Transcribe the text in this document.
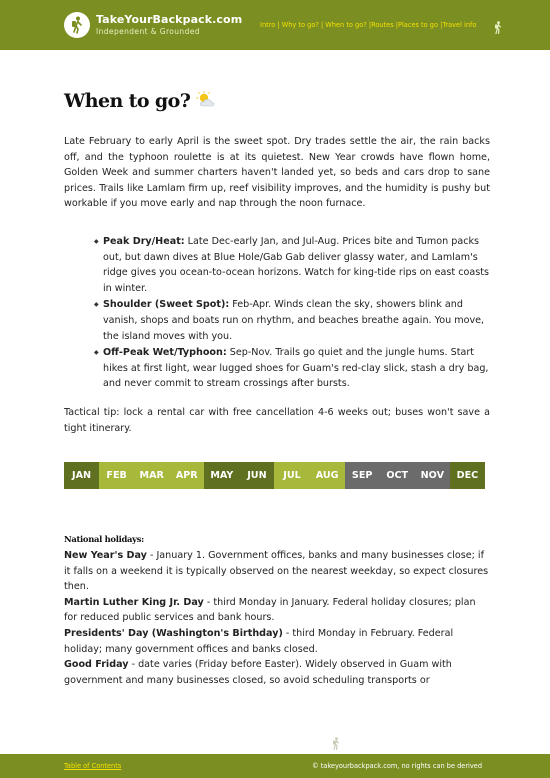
TakeYourBackpack.com
Independent & Grounded
Intro | Why to go? | When to go? |Routes |Places to go |Travel info
When to go?

Late February to early April is the sweet spot. Dry trades settle the air, the rain backs off, and the typhoon roulette is at its quietest. New Year crowds have flown home, Golden Week and summer charters haven't landed yet, so beds and cars drop to sane prices. Trails like Lamlam firm up, reef visibility improves, and the humidity is pushy but workable if you move early and nap through the noon furnace.

◆ Peak Dry/Heat: Late Dec-early Jan, and Jul-Aug. Prices bite and Tumon packs out, but dawn dives at Blue Hole/Gab Gab deliver glassy water, and Lamlam's ridge gives you ocean-to-ocean horizons. Watch for king-tide rips on east coasts in winter.
◆ Shoulder (Sweet Spot): Feb-Apr. Winds clean the sky, showers blink and vanish, shops and boats run on rhythm, and beaches breathe again. You move, the island moves with you.
◆ Off-Peak Wet/Typhoon: Sep-Nov. Trails go quiet and the jungle hums. Start hikes at first light, wear lugged shoes for Guam's red-clay slick, stash a dry bag, and never commit to stream crossings after bursts.

Tactical tip: lock a rental car with free cancellation 4-6 weeks out; buses won't save a tight itinerary.

JAN	FEB	MAR	APR	MAY	JUN	JUL	AUG	SEP	OCT	NOV	DEC
National holidays:

New Year's Day - January 1. Government offices, banks and many businesses close; if it falls on a weekend it is typically observed on the nearest weekday, so expect closures then.

Martin Luther King Jr. Day - third Monday in January. Federal holiday closures; plan for reduced public services and bank hours.

Presidents' Day (Washington's Birthday) - third Monday in February. Federal holiday; many government offices and banks closed.

Good Friday - date varies (Friday before Easter). Widely observed in Guam with government and many businesses closed, so avoid scheduling transports or

Table of Contents	© takeyourbackpack.com, no rights can be derived
